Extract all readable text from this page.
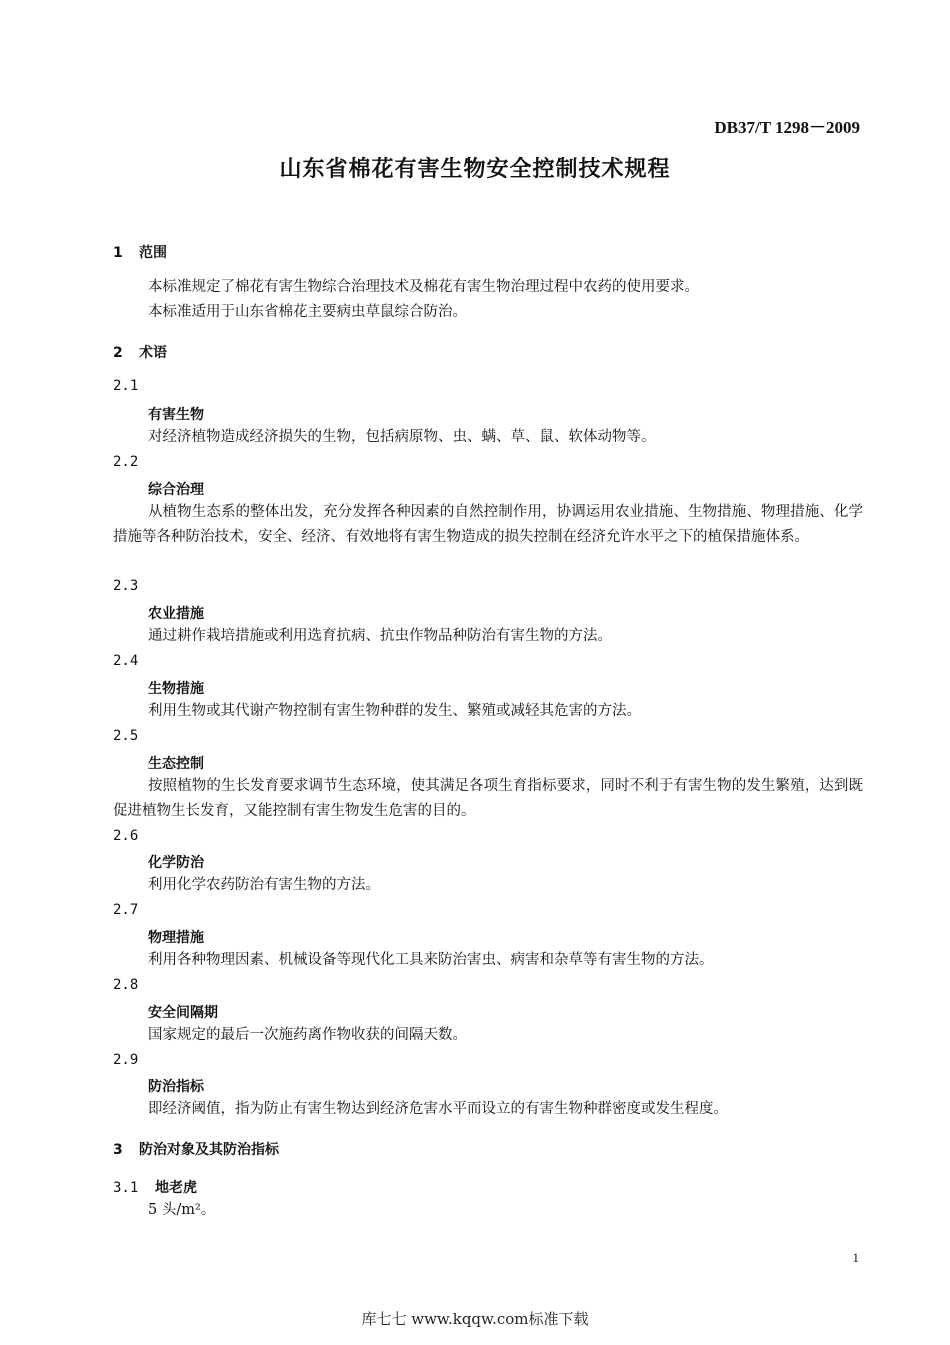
DB37/T 1298－2009
山东省棉花有害生物安全控制技术规程
1 范围
本标准规定了棉花有害生物综合治理技术及棉花有害生物治理过程中农药的使用要求。
本标准适用于山东省棉花主要病虫草鼠综合防治。
2 术语
2.1
有害生物
对经济植物造成经济损失的生物，包括病原物、虫、螨、草、鼠、软体动物等。
2.2
综合治理
从植物生态系的整体出发，充分发挥各种因素的自然控制作用，协调运用农业措施、生物措施、物理措施、化学措施等各种防治技术，安全、经济、有效地将有害生物造成的损失控制在经济允许水平之下的植保措施体系。
2.3
农业措施
通过耕作栽培措施或利用选育抗病、抗虫作物品种防治有害生物的方法。
2.4
生物措施
利用生物或其代谢产物控制有害生物种群的发生、繁殖或减轻其危害的方法。
2.5
生态控制
按照植物的生长发育要求调节生态环境，使其满足各项生育指标要求，同时不利于有害生物的发生繁殖，达到既促进植物生长发育，又能控制有害生物发生危害的目的。
2.6
化学防治
利用化学农药防治有害生物的方法。
2.7
物理措施
利用各种物理因素、机械设备等现代化工具来防治害虫、病害和杂草等有害生物的方法。
2.8
安全间隔期
国家规定的最后一次施药离作物收获的间隔天数。
2.9
防治指标
即经济阈值，指为防止有害生物达到经济危害水平而设立的有害生物种群密度或发生程度。
3 防治对象及其防治指标
3.1 地老虎
5 头/m²。
1
库七七 www.kqqw.com标准下载
